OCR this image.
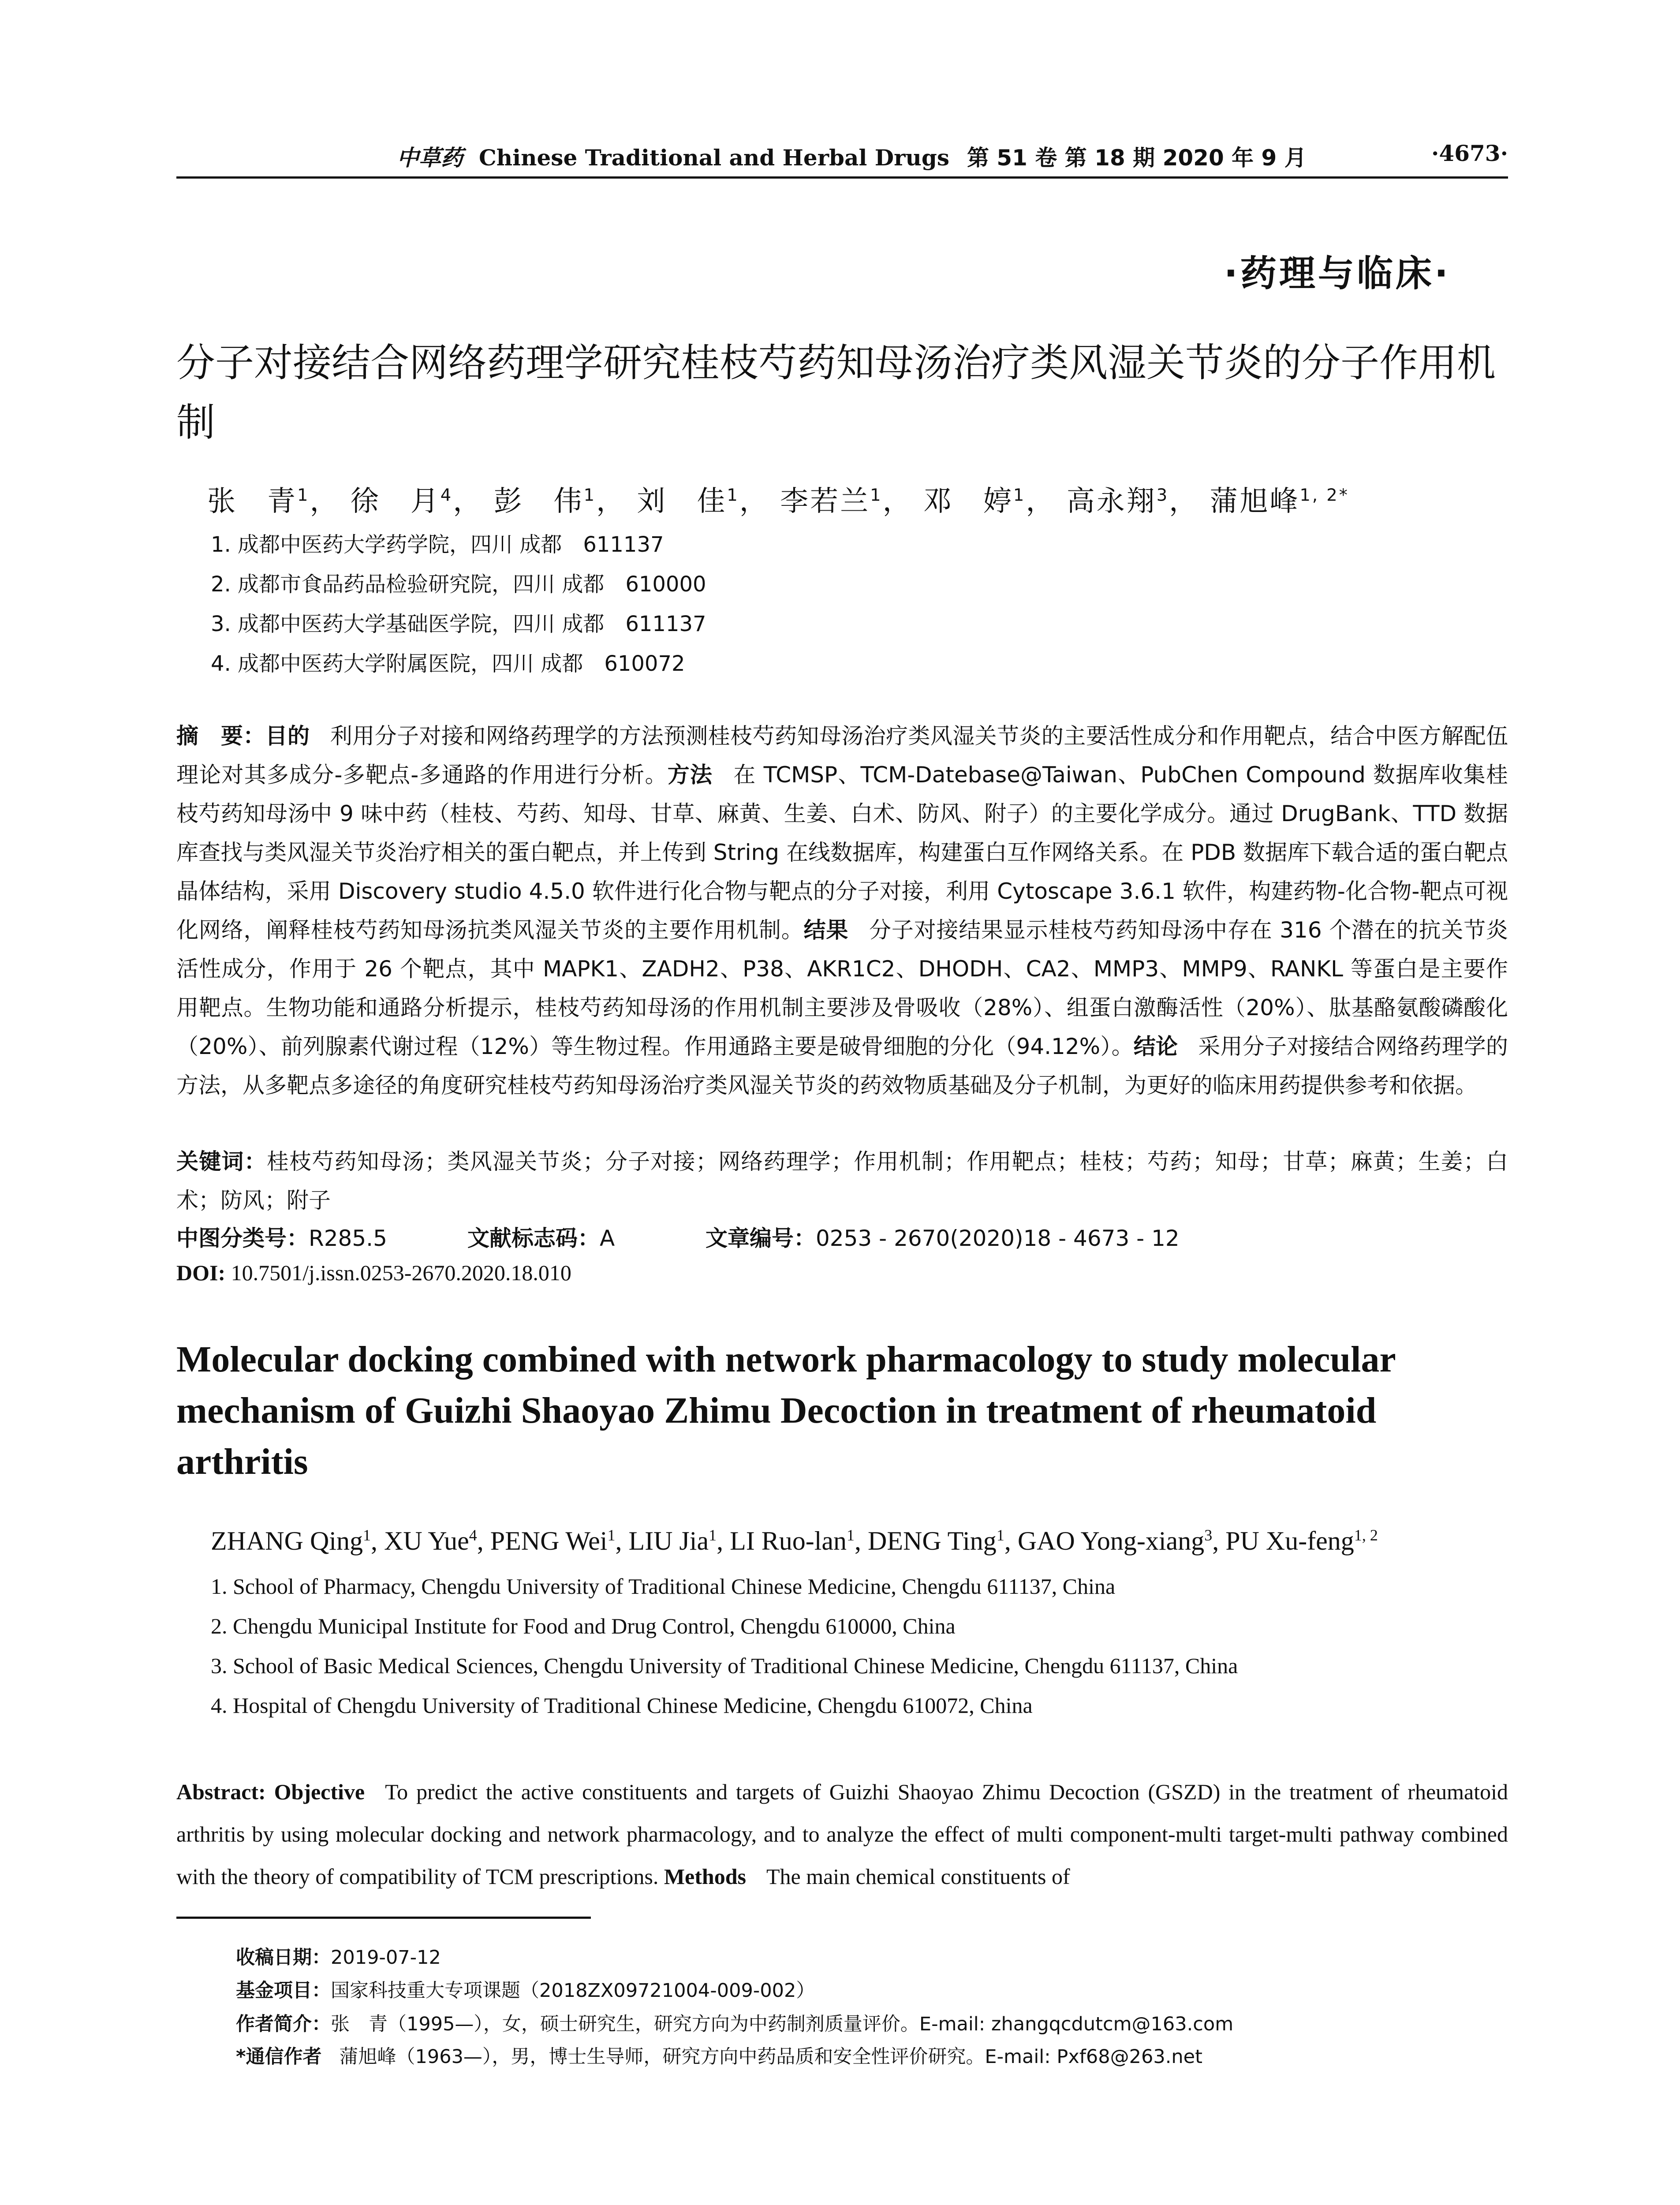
中草药 Chinese Traditional and Herbal Drugs 第 51 卷 第 18 期 2020 年 9 月	·4673·
·药理与临床·
分子对接结合网络药理学研究桂枝芍药知母汤治疗类风湿关节炎的分子作用机制
张　青$^1$， 徐　月$^4$， 彭　伟$^1$， 刘　佳$^1$， 李若兰$^1$， 邓　婷$^1$， 高永翔$^3$， 蒲旭峰$^{1, 2*}$
1. 成都中医药大学药学院，四川 成都　611137
2. 成都市食品药品检验研究院，四川 成都　610000
3. 成都中医药大学基础医学院，四川 成都　611137
4. 成都中医药大学附属医院，四川 成都　610072
摘　要：目的 利用分子对接和网络药理学的方法预测桂枝芍药知母汤治疗类风湿关节炎的主要活性成分和作用靶点，结合中医方解配伍理论对其多成分-多靶点-多通路的作用进行分析。方法 在 TCMSP、TCM-Datebase@Taiwan、PubChen Compound 数据库收集桂枝芍药知母汤中 9 味中药（桂枝、芍药、知母、甘草、麻黄、生姜、白术、防风、附子）的主要化学成分。通过 DrugBank、TTD 数据库查找与类风湿关节炎治疗相关的蛋白靶点，并上传到 String 在线数据库，构建蛋白互作网络关系。在 PDB 数据库下载合适的蛋白靶点晶体结构，采用 Discovery studio 4.5.0 软件进行化合物与靶点的分子对接，利用 Cytoscape 3.6.1 软件，构建药物-化合物-靶点可视化网络，阐释桂枝芍药知母汤抗类风湿关节炎的主要作用机制。结果 分子对接结果显示桂枝芍药知母汤中存在 316 个潜在的抗关节炎活性成分，作用于 26 个靶点，其中 MAPK1、ZADH2、P38、AKR1C2、DHODH、CA2、MMP3、MMP9、RANKL 等蛋白是主要作用靶点。生物功能和通路分析提示，桂枝芍药知母汤的作用机制主要涉及骨吸收（28%）、组蛋白激酶活性（20%）、肽基酪氨酸磷酸化（20%）、前列腺素代谢过程（12%）等生物过程。作用通路主要是破骨细胞的分化（94.12%）。结论 采用分子对接结合网络药理学的方法，从多靶点多途径的角度研究桂枝芍药知母汤治疗类风湿关节炎的药效物质基础及分子机制，为更好的临床用药提供参考和依据。
关键词：桂枝芍药知母汤；类风湿关节炎；分子对接；网络药理学；作用机制；作用靶点；桂枝；芍药；知母；甘草；麻黄；生姜；白术；防风；附子
中图分类号：R285.5	文献标志码：A	文章编号：0253 - 2670(2020)18 - 4673 - 12
DOI: 10.7501/j.issn.0253-2670.2020.18.010
Molecular docking combined with network pharmacology to study molecular mechanism of Guizhi Shaoyao Zhimu Decoction in treatment of rheumatoid arthritis
ZHANG Qing$^1$, XU Yue$^4$, PENG Wei$^1$, LIU Jia$^1$, LI Ruo-lan$^1$, DENG Ting$^1$, GAO Yong-xiang$^3$, PU Xu-feng$^{1, 2}$
1. School of Pharmacy, Chengdu University of Traditional Chinese Medicine, Chengdu 611137, China
2. Chengdu Municipal Institute for Food and Drug Control, Chengdu 610000, China
3. School of Basic Medical Sciences, Chengdu University of Traditional Chinese Medicine, Chengdu 611137, China
4. Hospital of Chengdu University of Traditional Chinese Medicine, Chengdu 610072, China
Abstract: Objective To predict the active constituents and targets of Guizhi Shaoyao Zhimu Decoction (GSZD) in the treatment of rheumatoid arthritis by using molecular docking and network pharmacology, and to analyze the effect of multi component-multi target-multi pathway combined with the theory of compatibility of TCM prescriptions. Methods The main chemical constituents of
收稿日期：2019-07-12
基金项目：国家科技重大专项课题（2018ZX09721004-009-002）
作者简介：张　青（1995—），女，硕士研究生，研究方向为中药制剂质量评价。E-mail: zhangqcdutcm@163.com
*通信作者 蒲旭峰（1963—），男，博士生导师，研究方向中药品质和安全性评价研究。E-mail: Pxf68@263.net
